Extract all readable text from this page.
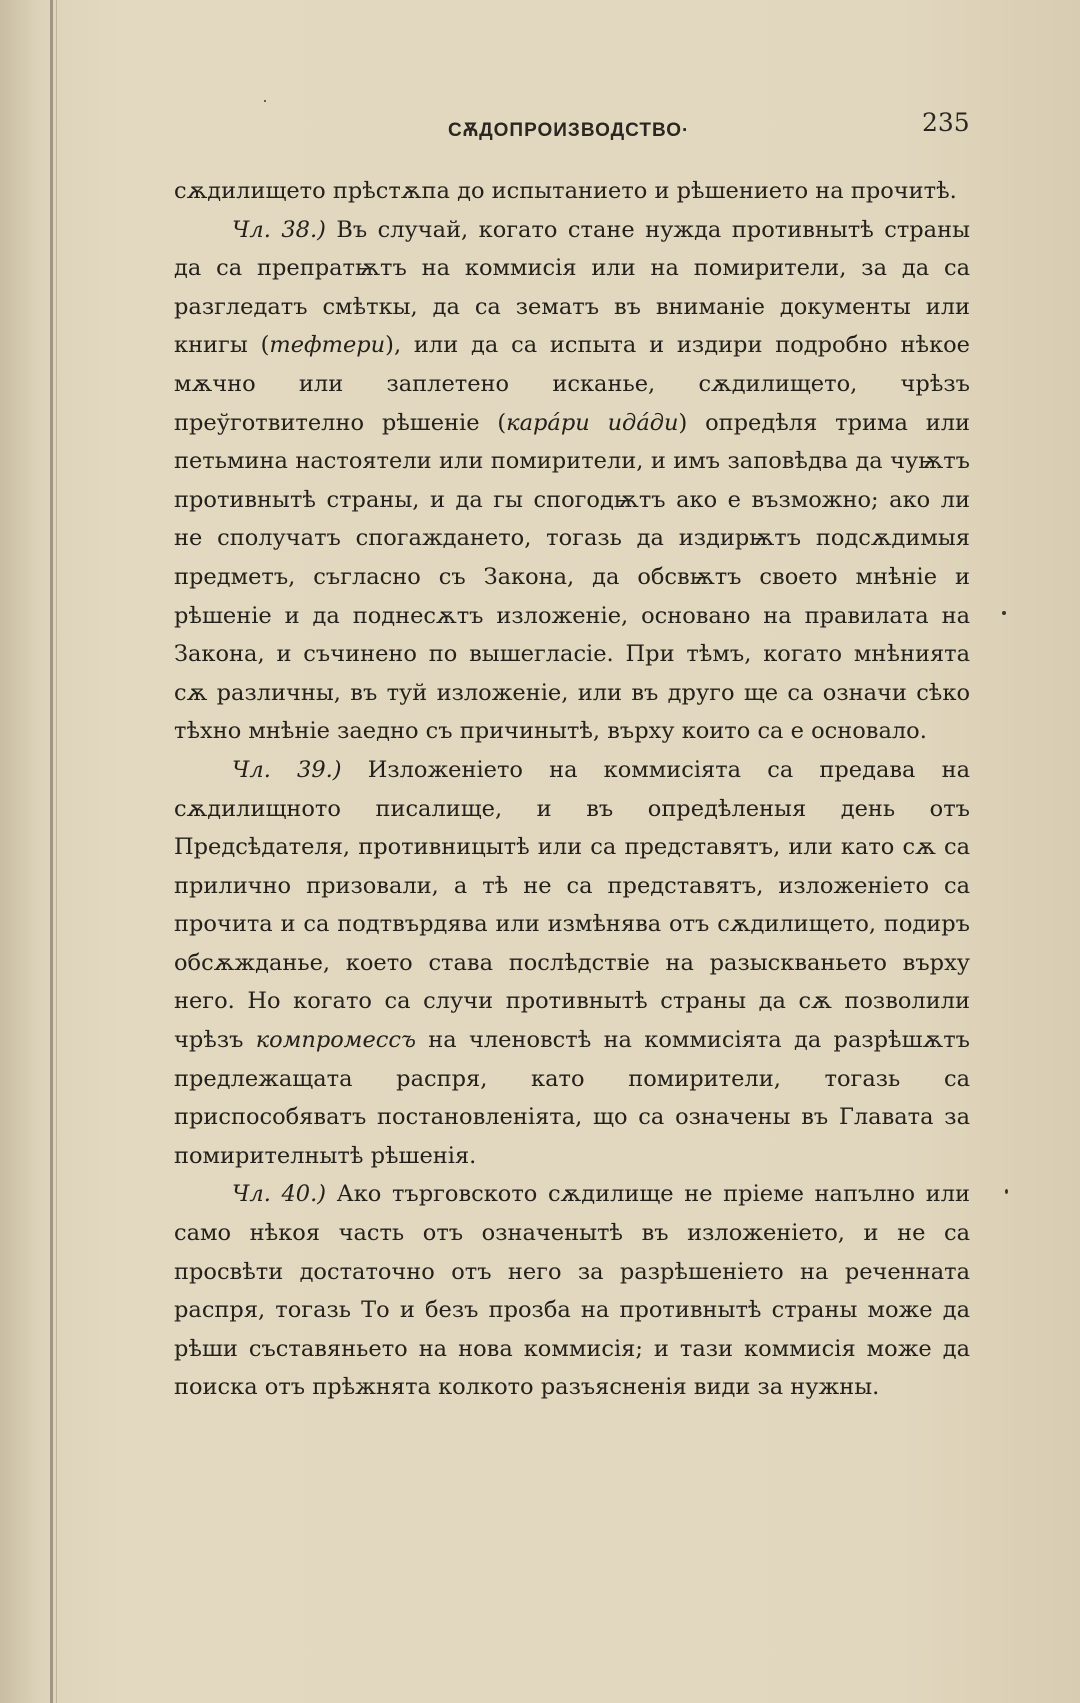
СѪДОПРОИЗВОДСТВО·	235

сѫдилището прѣстѫпа до испытанието и рѣшението на прочитѣ.

Чл. 38.) Въ случай, когато стане нужда противнытѣ страны да са препратѭтъ на коммисія или на помирители, за да са разгледатъ смѣткы, да са зематъ въ вниманіе документы или книгы (тефтери), или да са испыта и издири подробно нѣкое мѫчно или заплетено исканье, сѫдилището, чрѣзъ преўготвително рѣшеніе (карáри идáди) опредѣля трима или петьмина настоятели или помирители, и имъ заповѣдва да чуѭтъ противнытѣ страны, и да гы спогодѭтъ ако е възможно; ако ли не сполучатъ спогаждането, тогазь да издирѭтъ подсѫдимыя предметъ, съгласно съ Закона, да обсвѭтъ своето мнѣніе и рѣшеніе и да поднесѫтъ изложеніе, основано на правилата на Закона, и съчинено по вышегласіе. При тѣмъ, когато мнѣнията сѫ различны, въ туй изложеніе, или въ друго ще са означи сѣко тѣхно мнѣніе заедно съ причинытѣ, върху които са е основало.

Чл. 39.) Изложеніето на коммисіята са предава на сѫдилищното писалище, и въ опредѣленыя день отъ Предсѣдателя, противницытѣ или са представятъ, или като сѫ са прилично призовали, а тѣ не са представятъ, изложеніето са прочита и са подтвърдява или измѣнява отъ сѫдилището, подиръ обсѫжданье, което става послѣдствіе на разыскваньето върху него. Но когато са случи противнытѣ страны да сѫ позволили чрѣзъ компромессъ на членовстѣ на коммисіята да разрѣшѫтъ предлежащата распря, като помирители, тогазь са приспособяватъ постановленіята, що са означены въ Главата за помирителнытѣ рѣшенія.

Чл. 40.) Ако търговското сѫдилище не пріеме напълно или само нѣкоя часть отъ означенытѣ въ изложеніето, и не са просвѣти достаточно отъ него за разрѣшеніето на реченната распря, тогазь То и безъ прозба на противнытѣ страны може да рѣши съставяньето на нова коммисія; и тази коммисія може да поиска отъ прѣжнята колкото разъясненія види за нужны.
